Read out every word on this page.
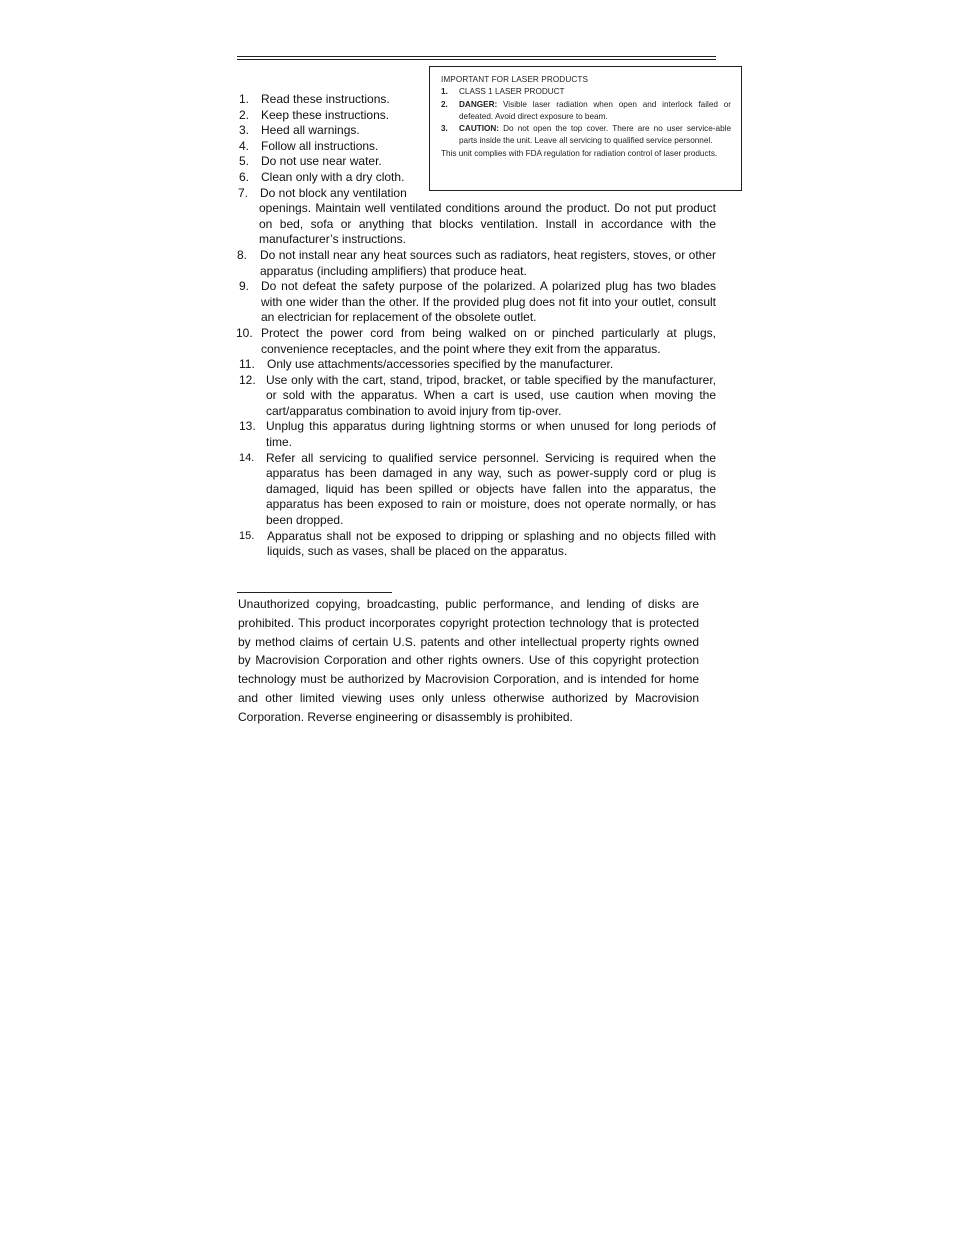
IMPORTANT FOR LASER PRODUCTS
1. CLASS 1 LASER PRODUCT
2. DANGER: Visible laser radiation when open and interlock failed or defeated. Avoid direct exposure to beam.
3. CAUTION: Do not open the top cover. There are no user service-able parts inside the unit. Leave all servicing to qualified service personnel.
This unit complies with FDA regulation for radiation control of laser products.
1. Read these instructions.
2. Keep these instructions.
3. Heed all warnings.
4. Follow all instructions.
5. Do not use near water.
6. Clean only with a dry cloth.
7. Do not block any ventilation
openings. Maintain well ventilated conditions around the product. Do not put product on bed, sofa or anything that blocks ventilation. Install in accordance with the manufacturer’s instructions.
8. Do not install near any heat sources such as radiators, heat registers, stoves, or other apparatus (including amplifiers) that produce heat.
9. Do not defeat the safety purpose of the polarized. A polarized plug has two blades with one wider than the other. If the provided plug does not fit into your outlet, consult an electrician for replacement of the obsolete outlet.
10. Protect the power cord from being walked on or pinched particularly at plugs, convenience receptacles, and the point where they exit from the apparatus.
11. Only use attachments/accessories specified by the manufacturer.
12. Use only with the cart, stand, tripod, bracket, or table specified by the manufacturer, or sold with the apparatus. When a cart is used, use caution when moving the cart/apparatus combination to avoid injury from tip-over.
13. Unplug this apparatus during lightning storms or when unused for long periods of time.
14. Refer all servicing to qualified service personnel. Servicing is required when the apparatus has been damaged in any way, such as power-supply cord or plug is damaged, liquid has been spilled or objects have fallen into the apparatus, the apparatus has been exposed to rain or moisture, does not operate normally, or has been dropped.
15. Apparatus shall not be exposed to dripping or splashing and no objects filled with liquids, such as vases, shall be placed on the apparatus.
Unauthorized copying, broadcasting, public performance, and lending of disks are prohibited. This product incorporates copyright protection technology that is protected by method claims of certain U.S. patents and other intellectual property rights owned by Macrovision Corporation and other rights owners. Use of this copyright protection technology must be authorized by Macrovision Corporation, and is intended for home and other limited viewing uses only unless otherwise authorized by Macrovision Corporation. Reverse engineering or disassembly is prohibited.
